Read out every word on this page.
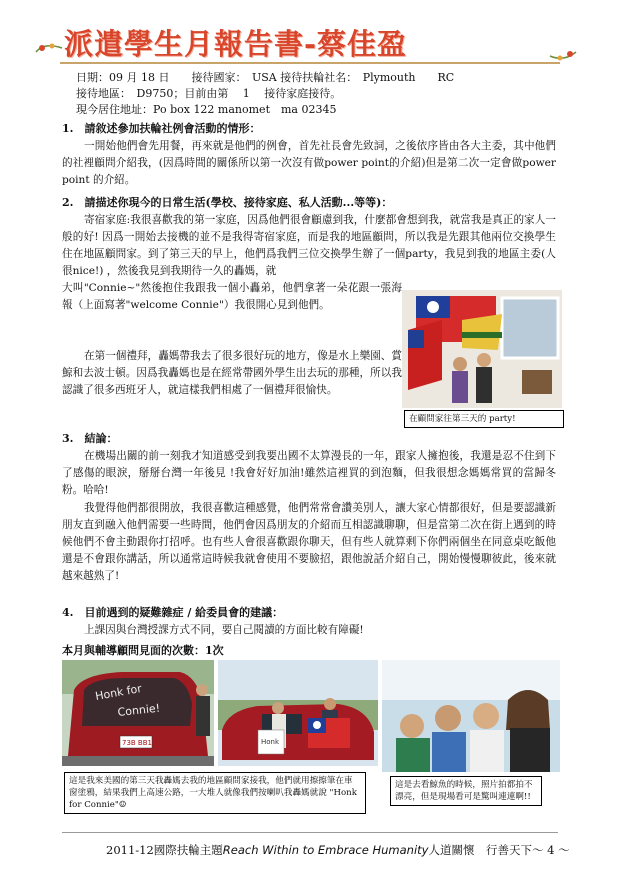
派遣學生月報告書-蔡佳盈
日期：09 月 18 日　　接待國家：　USA 接待扶輪社名：　Plymouth　　RC
接待地區：　D9750；目前由第　 1　 接待家庭接待。
現今居住地址：Po box 122 manomet　ma 02345
1.　 請敘述參加扶輪社例會活動的情形：
一開始他們會先用餐，再來就是他們的例會，首先社長會先致詞，之後依序皆由各大主委，其中他們的社裡顧問介紹我，(因爲時間的關係所以第一次沒有做power point的介紹)但是第二次一定會做power point 的介紹。
2.　 請描述你現今的日常生活(學校、接待家庭、私人活動...等等)：
寄宿家庭:我很喜歡我的第一家庭，因爲他們很會顧慮到我，什麼都會想到我，就當我是真正的家人一般的好! 因爲一開始去接機的並不是我得寄宿家庭，而是我的地區顧問，所以我是先跟其他兩位交換學生住在地區顧問家。到了第三天的早上，他們爲我們三位交換學生辦了一個party，我見到我的地區主委(人很nice!) ，然後我見到我期待一久的轟媽，就
大叫"Connie~"然後抱住我跟我一個小轟弟，他們拿著一朵花跟一張海報（上面寫著"welcome Connie"）我很開心見到他們。
在第一個禮拜，轟媽帶我去了很多很好玩的地方，像是水上樂園、賞鯨和去波士頓。因爲我轟媽也是在經常帶國外學生出去玩的那種，所以我認識了很多西班牙人，就這樣我們相處了一個禮拜很愉快。
在顧問家往第三天的 party!
3.　 結論：
在機場出關的前一刻我才知道感受到我要出國不太算漫長的一年，跟家人擁抱後，我還是忍不住到下了感傷的眼淚，掰掰台灣一年後見 !我會好好加油!雖然這裡買的到泡麵，但我很想念媽媽常買的當歸冬粉。哈哈!
我覺得他們都很開放，我很喜歡這種感覺，他們常常會讚美別人，讓大家心情都很好，但是要認識新朋友直到融入他們需要一些時間，他們會因爲朋友的介紹而互相認識聊聊，但是當第二次在街上遇到的時候他們不會主動跟你打招呼。也有些人會很喜歡跟你聊天，但有些人就算剩下你們兩個坐在同意桌吃飯他還是不會跟你講話，所以通常這時候我就會使用不要臉招，跟他說話介紹自己，開始慢慢聊彼此，後來就越來越熟了!
4.　 目前遇到的疑難雜症 / 給委員會的建議：
上課因與台灣授課方式不同，要自己閱讀的方面比較有障礙!
本月與輔導顧問見面的次數：1次
Honk for
Connie!
73B BB1	Honk
這是我來美國的第三天我轟媽去我的地區顧問家接我，他們就用擦擦筆在車窗塗鴉，結果我們上高速公路，一大堆人就像我們按喇叭我轟媽就說 "Honk for Connie"☺
這是去看鯨魚的時候，照片拍都拍不漂亮，但是現場看可是驚叫連連啊!!
2011-12國際扶輪主題Reach Within to Embrace Humanity人道關懷　行善天下～ 4 ～
